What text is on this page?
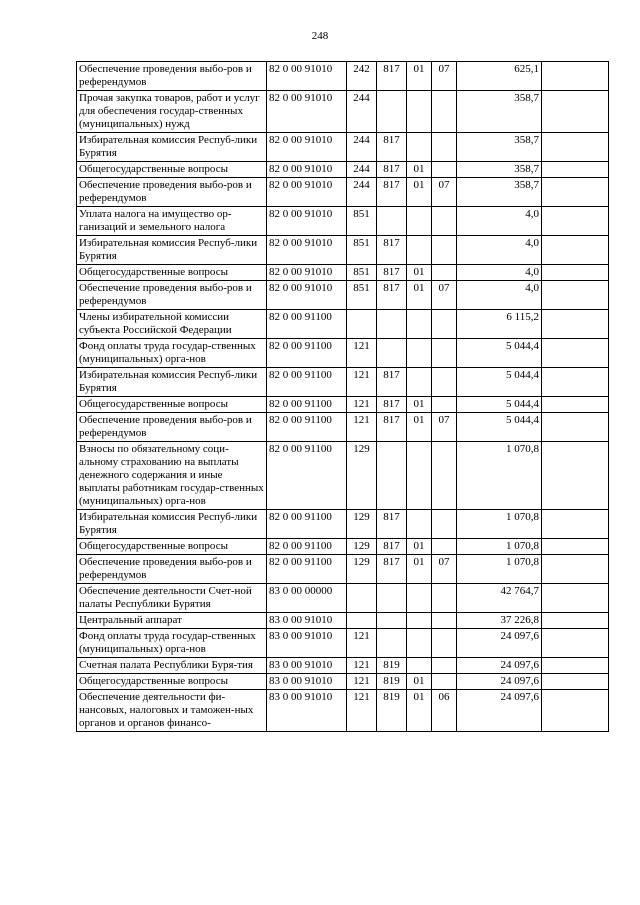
248
Обеспечение проведения выбо-ров и референдумов	82 0 00 91010	242	817	01	07	625,1	
Прочая закупка товаров, работ и услуг для обеспечения государ-ственных (муниципальных) нужд	82 0 00 91010	244				358,7	
Избирательная комиссия Респуб-лики Бурятия	82 0 00 91010	244	817			358,7	
Общегосударственные вопросы	82 0 00 91010	244	817	01		358,7	
Обеспечение проведения выбо-ров и референдумов	82 0 00 91010	244	817	01	07	358,7	
Уплата налога на имущество ор-ганизаций и земельного налога	82 0 00 91010	851				4,0	
Избирательная комиссия Респуб-лики Бурятия	82 0 00 91010	851	817			4,0	
Общегосударственные вопросы	82 0 00 91010	851	817	01		4,0	
Обеспечение проведения выбо-ров и референдумов	82 0 00 91010	851	817	01	07	4,0	
Члены избирательной комиссии субъекта Российской Федерации	82 0 00 91100					6 115,2	
Фонд оплаты труда государ-ственных (муниципальных) орга-нов	82 0 00 91100	121				5 044,4	
Избирательная комиссия Респуб-лики Бурятия	82 0 00 91100	121	817			5 044,4	
Общегосударственные вопросы	82 0 00 91100	121	817	01		5 044,4	
Обеспечение проведения выбо-ров и референдумов	82 0 00 91100	121	817	01	07	5 044,4	
Взносы по обязательному соци-альному страхованию на выплаты денежного содержания и иные выплаты работникам государ-ственных (муниципальных) орга-нов	82 0 00 91100	129				1 070,8	
Избирательная комиссия Респуб-лики Бурятия	82 0 00 91100	129	817			1 070,8	
Общегосударственные вопросы	82 0 00 91100	129	817	01		1 070,8	
Обеспечение проведения выбо-ров и референдумов	82 0 00 91100	129	817	01	07	1 070,8	
Обеспечение деятельности Счет-ной палаты Республики Бурятия	83 0 00 00000					42 764,7	
Центральный аппарат	83 0 00 91010					37 226,8	
Фонд оплаты труда государ-ственных (муниципальных) орга-нов	83 0 00 91010	121				24 097,6	
Счетная палата Республики Буря-тия	83 0 00 91010	121	819			24 097,6	
Общегосударственные вопросы	83 0 00 91010	121	819	01		24 097,6	
Обеспечение деятельности фи-нансовых, налоговых и таможен-ных органов и органов финансо-	83 0 00 91010	121	819	01	06	24 097,6	
